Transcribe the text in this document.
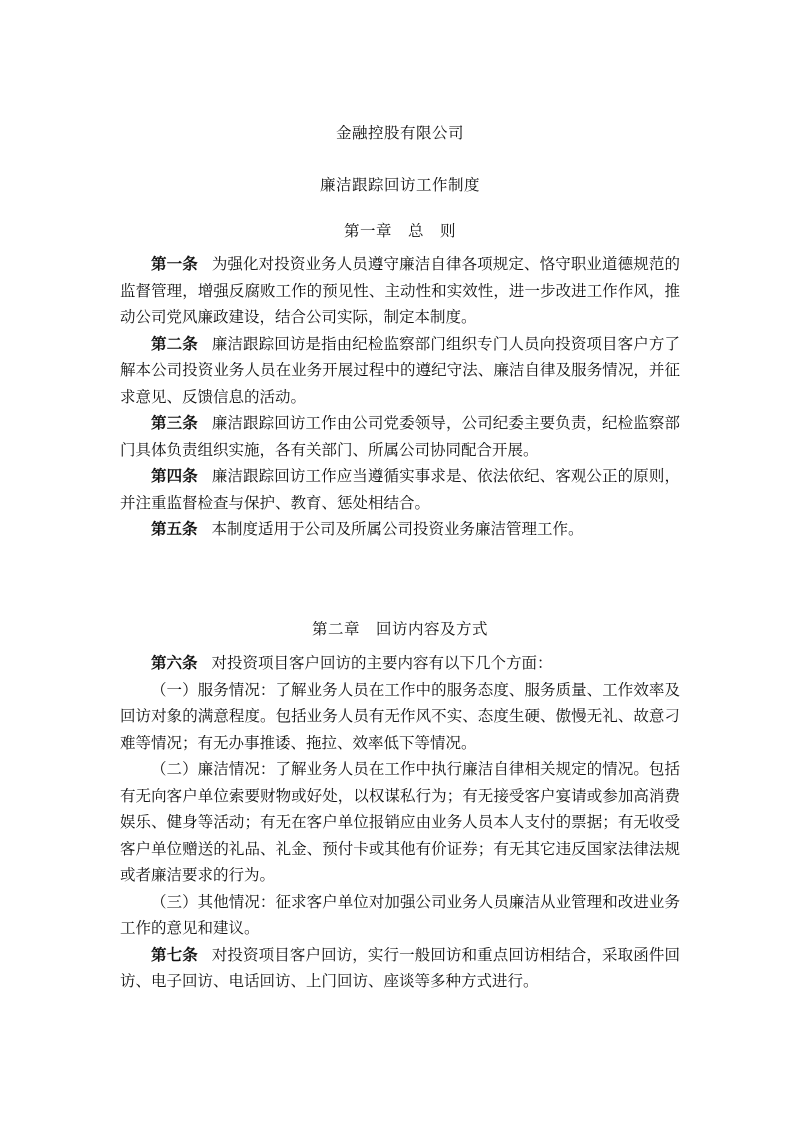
金融控股有限公司
廉洁跟踪回访工作制度
第一章　总　则

第一条 为强化对投资业务人员遵守廉洁自律各项规定、恪守职业道德规范的监督管理，增强反腐败工作的预见性、主动性和实效性，进一步改进工作作风，推动公司党风廉政建设，结合公司实际，制定本制度。

第二条 廉洁跟踪回访是指由纪检监察部门组织专门人员向投资项目客户方了解本公司投资业务人员在业务开展过程中的遵纪守法、廉洁自律及服务情况，并征求意见、反馈信息的活动。

第三条 廉洁跟踪回访工作由公司党委领导，公司纪委主要负责，纪检监察部门具体负责组织实施，各有关部门、所属公司协同配合开展。

第四条 廉洁跟踪回访工作应当遵循实事求是、依法依纪、客观公正的原则，并注重监督检查与保护、教育、惩处相结合。

第五条 本制度适用于公司及所属公司投资业务廉洁管理工作。

第二章　回访内容及方式

第六条 对投资项目客户回访的主要内容有以下几个方面：

（一）服务情况：了解业务人员在工作中的服务态度、服务质量、工作效率及回访对象的满意程度。包括业务人员有无作风不实、态度生硬、傲慢无礼、故意刁难等情况；有无办事推诿、拖拉、效率低下等情况。

（二）廉洁情况：了解业务人员在工作中执行廉洁自律相关规定的情况。包括有无向客户单位索要财物或好处，以权谋私行为；有无接受客户宴请或参加高消费娱乐、健身等活动；有无在客户单位报销应由业务人员本人支付的票据；有无收受客户单位赠送的礼品、礼金、预付卡或其他有价证券；有无其它违反国家法律法规或者廉洁要求的行为。

（三）其他情况：征求客户单位对加强公司业务人员廉洁从业管理和改进业务工作的意见和建议。

第七条 对投资项目客户回访，实行一般回访和重点回访相结合，采取函件回访、电子回访、电话回访、上门回访、座谈等多种方式进行。
